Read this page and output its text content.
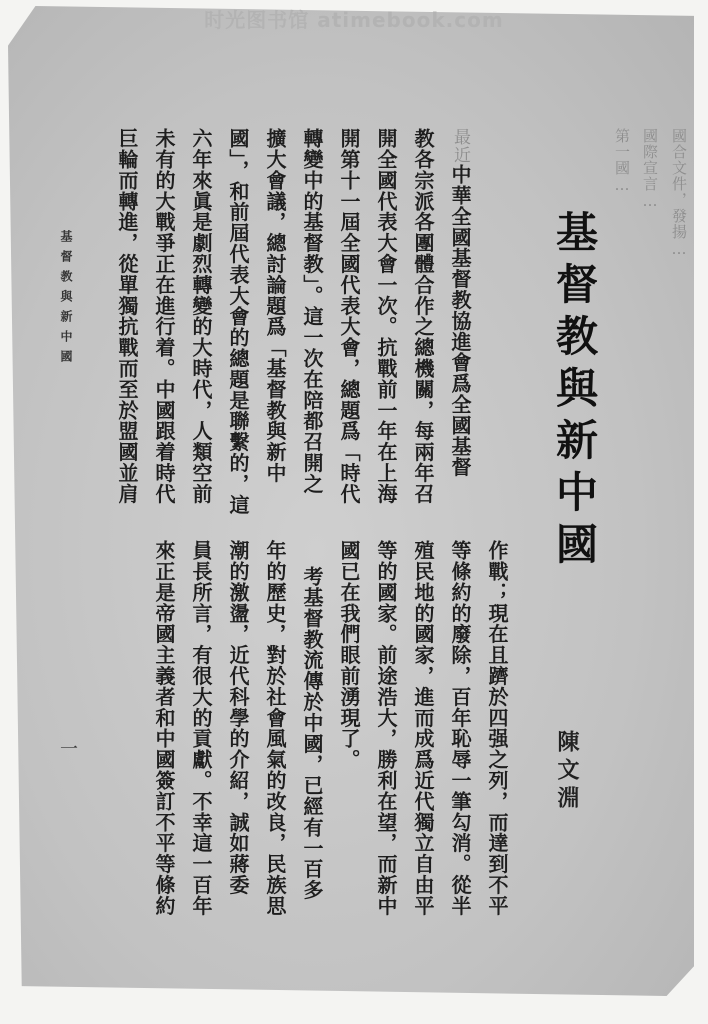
时光图书馆 atimebook.com
國合文件，發揚…
國際宣言…
第一國…
基督教與新中國
最近中華全國基督教協進會爲全國基督
教各宗派各團體合作之總機關，每兩年召
開全國代表大會一次。抗戰前一年在上海
開第十一屆全國代表大會，總題爲「時代
轉變中的基督教」。這一次在陪都召開之
擴大會議，總討論題爲「基督教與新中
國」，和前屆代表大會的總題是聯繫的，這
六年來眞是劇烈轉變的大時代，人類空前
未有的大戰爭正在進行着。中國跟着時代
巨輪而轉進，從單獨抗戰而至於盟國並肩
基督教與新中國
陳文淵
作戰；現在且躋於四强之列，而達到不平
等條約的廢除，百年恥辱一筆勾消。從半
殖民地的國家，進而成爲近代獨立自由平
等的國家。前途浩大，勝利在望，而新中
國已在我們眼前湧現了。
考基督教流傳於中國，已經有一百多
年的歷史，對於社會風氣的改良，民族思
潮的激盪，近代科學的介紹，誠如蔣委
員長所言，有很大的貢獻。不幸這一百年
來正是帝國主義者和中國簽訂不平等條約
一
